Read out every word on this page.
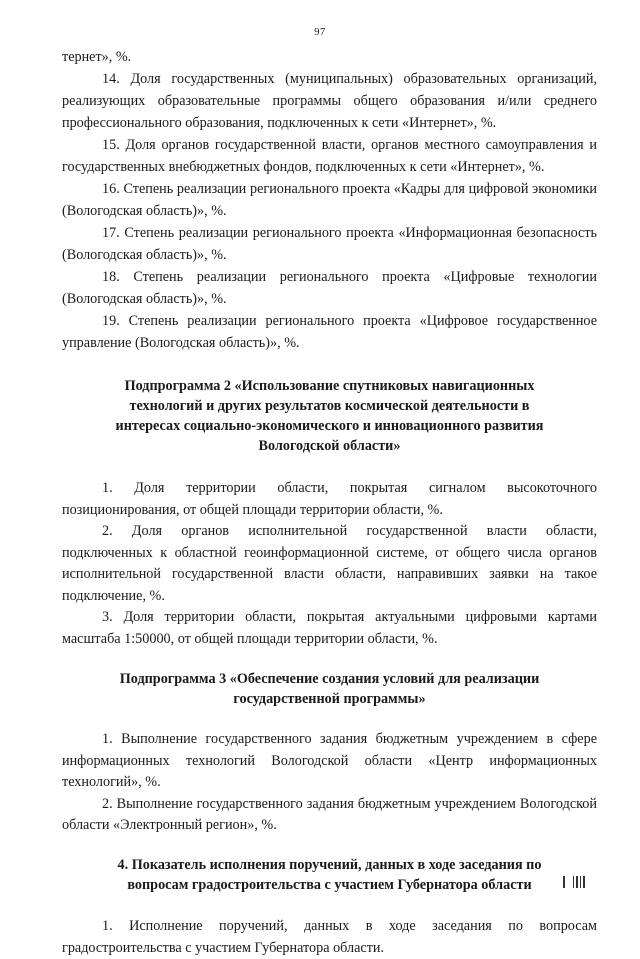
97

тернет», %.

14. Доля государственных (муниципальных) образовательных организаций, реализующих образовательные программы общего образования и/или среднего профессионального образования, подключенных к сети «Интернет», %.

15. Доля органов государственной власти, органов местного самоуправления и государственных внебюджетных фондов, подключенных к сети «Интернет», %.

16. Степень реализации регионального проекта «Кадры для цифровой экономики (Вологодская область)», %.

17. Степень реализации регионального проекта «Информационная безопасность (Вологодская область)», %.

18. Степень реализации регионального проекта «Цифровые технологии (Вологодская область)», %.

19. Степень реализации регионального проекта «Цифровое государственное управление (Вологодская область)», %.

Подпрограмма 2 «Использование спутниковых навигационных технологий и других результатов космической деятельности в интересах социально-экономического и инновационного развития Вологодской области»

1. Доля территории области, покрытая сигналом высокоточного позиционирования, от общей площади территории области, %.

2. Доля органов исполнительной государственной власти области, подключенных к областной геоинформационной системе, от общего числа органов исполнительной государственной власти области, направивших заявки на такое подключение, %.

3. Доля территории области, покрытая актуальными цифровыми картами масштаба 1:50000, от общей площади территории области, %.

Подпрограмма 3 «Обеспечение создания условий для реализации государственной программы»

1. Выполнение государственного задания бюджетным учреждением в сфере информационных технологий Вологодской области «Центр информационных технологий», %.

2. Выполнение государственного задания бюджетным учреждением Вологодской области «Электронный регион», %.

4. Показатель исполнения поручений, данных в ходе заседания по вопросам градостроительства с участием Губернатора области

1. Исполнение поручений, данных в ходе заседания по вопросам градостроительства с участием Губернатора области.
